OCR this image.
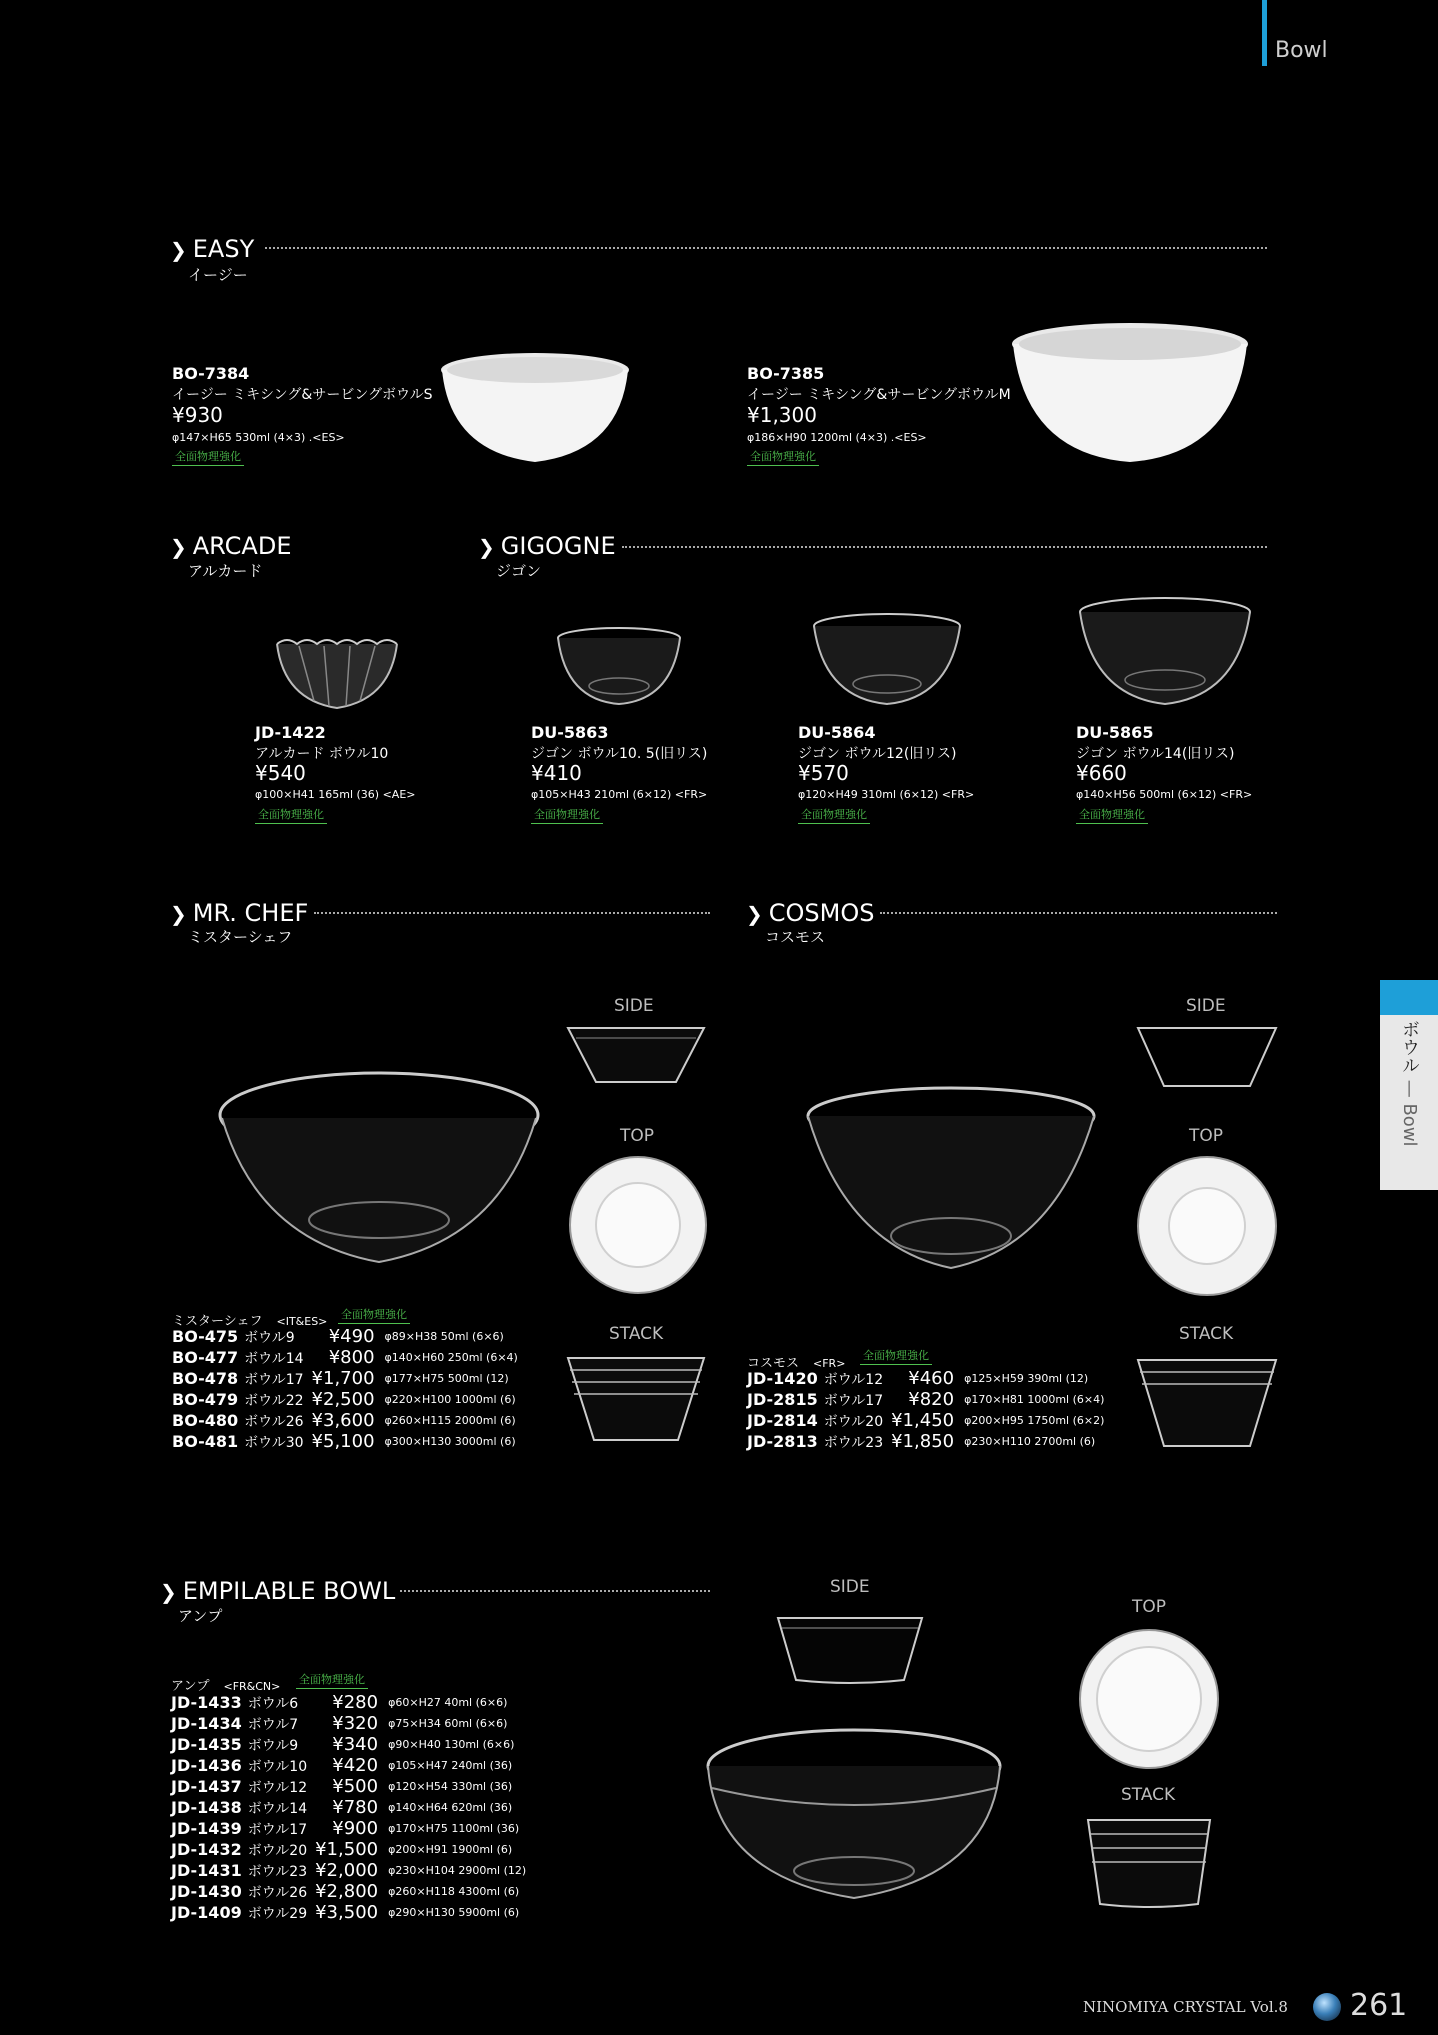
Bowl
ボウル — Bowl
❯ EASY
イージー
BO-7384
イージー ミキシング&サービングボウルS
¥930
φ147×H65 530ml (4×3) .<ES>
全面物理強化
BO-7385
イージー ミキシング&サービングボウルM
¥1,300
φ186×H90 1200ml (4×3) .<ES>
全面物理強化
❯ ARCADE
アルカード
❯ GIGOGNE
ジゴン
JD-1422
アルカード ボウル10
¥540
φ100×H41 165ml (36) <AE>
全面物理強化
DU-5863
ジゴン ボウル10. 5(旧リス)
¥410
φ105×H43 210ml (6×12) <FR>
全面物理強化
DU-5864
ジゴン ボウル12(旧リス)
¥570
φ120×H49 310ml (6×12) <FR>
全面物理強化
DU-5865
ジゴン ボウル14(旧リス)
¥660
φ140×H56 500ml (6×12) <FR>
全面物理強化
❯ MR. CHEF
ミスターシェフ
SIDE
TOP
STACK
ミスターシェフ <IT&ES>
全面物理強化
BO-475	ボウル9	¥490	φ89×H38 50ml (6×6)
BO-477	ボウル14	¥800	φ140×H60 250ml (6×4)
BO-478	ボウル17	¥1,700	φ177×H75 500ml (12)
BO-479	ボウル22	¥2,500	φ220×H100 1000ml (6)
BO-480	ボウル26	¥3,600	φ260×H115 2000ml (6)
BO-481	ボウル30	¥5,100	φ300×H130 3000ml (6)
❯ COSMOS
コスモス
SIDE
TOP
STACK
コスモス <FR>
全面物理強化
JD-1420	ボウル12	¥460	φ125×H59 390ml (12)
JD-2815	ボウル17	¥820	φ170×H81 1000ml (6×4)
JD-2814	ボウル20	¥1,450	φ200×H95 1750ml (6×2)
JD-2813	ボウル23	¥1,850	φ230×H110 2700ml (6)
❯ EMPILABLE BOWL
アンプ
SIDE
TOP
STACK
アンプ <FR&CN>
全面物理強化
JD-1433	ボウル6	¥280	φ60×H27 40ml (6×6)
JD-1434	ボウル7	¥320	φ75×H34 60ml (6×6)
JD-1435	ボウル9	¥340	φ90×H40 130ml (6×6)
JD-1436	ボウル10	¥420	φ105×H47 240ml (36)
JD-1437	ボウル12	¥500	φ120×H54 330ml (36)
JD-1438	ボウル14	¥780	φ140×H64 620ml (36)
JD-1439	ボウル17	¥900	φ170×H75 1100ml (36)
JD-1432	ボウル20	¥1,500	φ200×H91 1900ml (6)
JD-1431	ボウル23	¥2,000	φ230×H104 2900ml (12)
JD-1430	ボウル26	¥2,800	φ260×H118 4300ml (6)
JD-1409	ボウル29	¥3,500	φ290×H130 5900ml (6)
NINOMIYA CRYSTAL Vol.8 261
